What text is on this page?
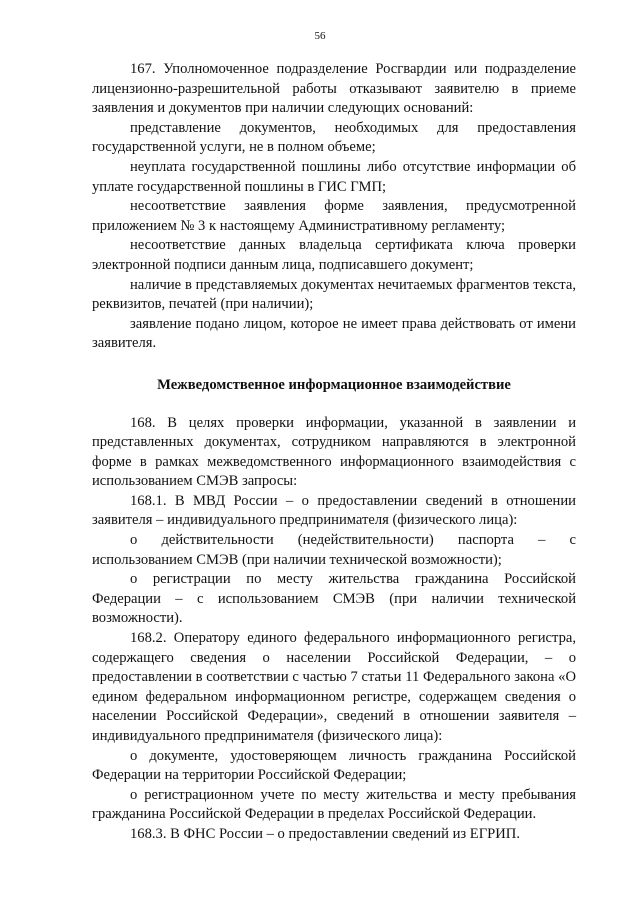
56

167. Уполномоченное подразделение Росгвардии или подразделение лицензионно-разрешительной работы отказывают заявителю в приеме заявления и документов при наличии следующих оснований:

представление документов, необходимых для предоставления государственной услуги, не в полном объеме;

неуплата государственной пошлины либо отсутствие информации об уплате государственной пошлины в ГИС ГМП;

несоответствие заявления форме заявления, предусмотренной приложением № 3 к настоящему Административному регламенту;

несоответствие данных владельца сертификата ключа проверки электронной подписи данным лица, подписавшего документ;

наличие в представляемых документах нечитаемых фрагментов текста, реквизитов, печатей (при наличии);

заявление подано лицом, которое не имеет права действовать от имени заявителя.

Межведомственное информационное взаимодействие

168. В целях проверки информации, указанной в заявлении и представленных документах, сотрудником направляются в электронной форме в рамках межведомственного информационного взаимодействия с использованием СМЭВ запросы:

168.1. В МВД России – о предоставлении сведений в отношении заявителя – индивидуального предпринимателя (физического лица):

о действительности (недействительности) паспорта – с использованием СМЭВ (при наличии технической возможности);

о регистрации по месту жительства гражданина Российской Федерации – с использованием СМЭВ (при наличии технической возможности).

168.2. Оператору единого федерального информационного регистра, содержащего сведения о населении Российской Федерации, – о предоставлении в соответствии с частью 7 статьи 11 Федерального закона «О едином федеральном информационном регистре, содержащем сведения о населении Российской Федерации», сведений в отношении заявителя – индивидуального предпринимателя (физического лица):

о документе, удостоверяющем личность гражданина Российской Федерации на территории Российской Федерации;

о регистрационном учете по месту жительства и месту пребывания гражданина Российской Федерации в пределах Российской Федерации.

168.3. В ФНС России – о предоставлении сведений из ЕГРИП.
